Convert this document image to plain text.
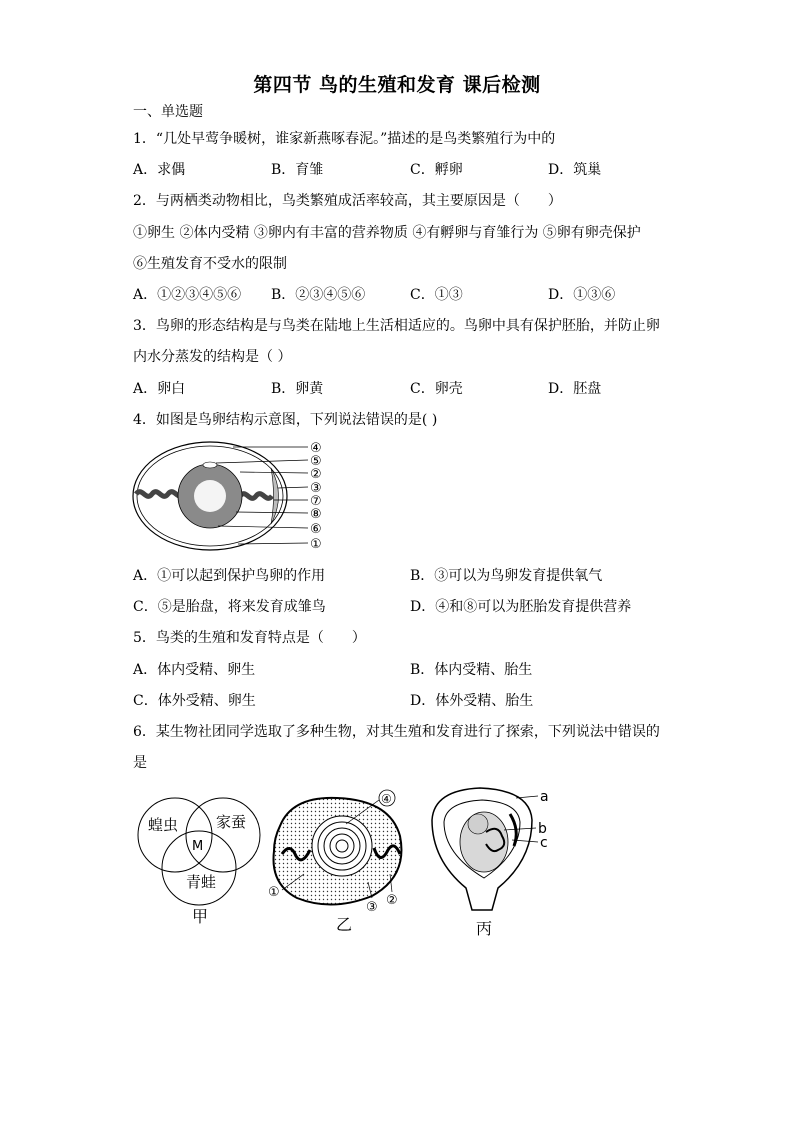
第四节 鸟的生殖和发育 课后检测
一、单选题
1．“几处早莺争暖树，谁家新燕啄春泥。”描述的是鸟类繁殖行为中的
A．求偶	B．育雏	C．孵卵	D．筑巢
2．与两栖类动物相比，鸟类繁殖成活率较高，其主要原因是（　　）
①卵生 ②体内受精 ③卵内有丰富的营养物质 ④有孵卵与育雏行为 ⑤卵有卵壳保护
⑥生殖发育不受水的限制
A．①②③④⑤⑥ B．②③④⑤⑥	C．①③	D．①③⑥
3．鸟卵的形态结构是与鸟类在陆地上生活相适应的。鸟卵中具有保护胚胎，并防止卵
内水分蒸发的结构是（ ）
A．卵白	B．卵黄	C．卵壳	D．胚盘
4．如图是鸟卵结构示意图，下列说法错误的是( )
④
⑤
②
③
⑦
⑧
⑥
①
A．①可以起到保护鸟卵的作用	B．③可以为鸟卵发育提供氧气
C．⑤是胎盘，将来发育成雏鸟	D．④和⑧可以为胚胎发育提供营养
5．鸟类的生殖和发育特点是（　　）
A．体内受精、卵生	B．体内受精、胎生
C．体外受精、卵生	D．体外受精、胎生
6．某生物社团同学选取了多种生物，对其生殖和发育进行了探索，下列说法中错误的
是
蝗虫	家蚕
M
青蛙
甲
④
①
③ ②
乙
a
b
c
丙
